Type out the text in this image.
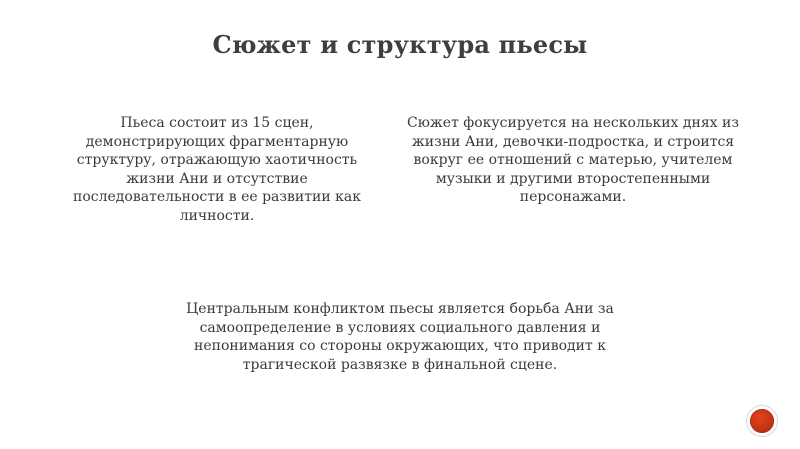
Сюжет и структура пьесы

Пьеса состоит из 15 сцен, демонстрирующих фрагментарную структуру, отражающую хаотичность жизни Ани и отсутствие последовательности в ее развитии как личности.

Сюжет фокусируется на нескольких днях из жизни Ани, девочки-подростка, и строится вокруг ее отношений с матерью, учителем музыки и другими второстепенными персонажами.

Центральным конфликтом пьесы является борьба Ани за самоопределение в условиях социального давления и непонимания со стороны окружающих, что приводит к трагической развязке в финальной сцене.
